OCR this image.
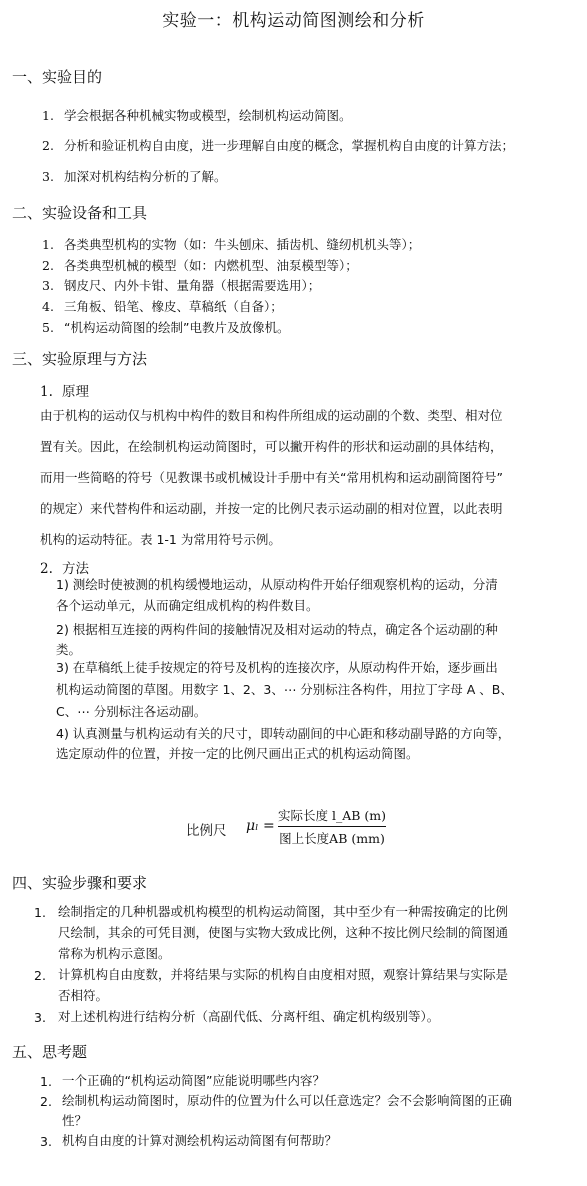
实验一：机构运动简图测绘和分析
一、实验目的
1. 学会根据各种机械实物或模型，绘制机构运动简图。
2. 分析和验证机构自由度，进一步理解自由度的概念，掌握机构自由度的计算方法；
3. 加深对机构结构分析的了解。
二、实验设备和工具
1. 各类典型机构的实物（如：牛头刨床、插齿机、缝纫机机头等）；
2. 各类典型机械的模型（如：内燃机型、油泵模型等）；
3. 钢皮尺、内外卡钳、量角器（根据需要选用）；
4. 三角板、铅笔、橡皮、草稿纸（自备）；
5. “机构运动简图的绘制”电教片及放像机。
三、实验原理与方法
1. 原理
由于机构的运动仅与机构中构件的数目和构件所组成的运动副的个数、类型、相对位
置有关。因此，在绘制机构运动简图时，可以撇开构件的形状和运动副的具体结构，
而用一些简略的符号（见教课书或机械设计手册中有关“常用机构和运动副简图符号”
的规定）来代替构件和运动副，并按一定的比例尺表示运动副的相对位置，以此表明
机构的运动特征。表 1-1 为常用符号示例。
2. 方法
1) 测绘时使被测的机构缓慢地运动，从原动构件开始仔细观察机构的运动，分清
各个运动单元，从而确定组成机构的构件数目。
2) 根据相互连接的两构件间的接触情况及相对运动的特点，确定各个运动副的种
类。
3) 在草稿纸上徒手按规定的符号及机构的连接次序，从原动构件开始，逐步画出
机构运动简图的草图。用数字 1、2、3、⋯ 分别标注各构件，用拉丁字母 A 、B、
C、⋯ 分别标注各运动副。
4) 认真测量与机构运动有关的尺寸，即转动副间的中心距和移动副导路的方向等，
选定原动件的位置，并按一定的比例尺画出正式的机构运动简图。
比例尺 μₗ =
实际长度 l_AB (m)
图上长度AB (mm)
四、实验步骤和要求
1. 绘制指定的几种机器或机构模型的机构运动简图，其中至少有一种需按确定的比例
尺绘制，其余的可凭目测，使图与实物大致成比例，这种不按比例尺绘制的简图通
常称为机构示意图。
2. 计算机构自由度数，并将结果与实际的机构自由度相对照，观察计算结果与实际是
否相符。
3. 对上述机构进行结构分析（高副代低、分离杆组、确定机构级别等）。
五、思考题
1. 一个正确的“机构运动简图”应能说明哪些内容？
2. 绘制机构运动简图时，原动件的位置为什么可以任意选定？会不会影响简图的正确
性？
3. 机构自由度的计算对测绘机构运动简图有何帮助？
